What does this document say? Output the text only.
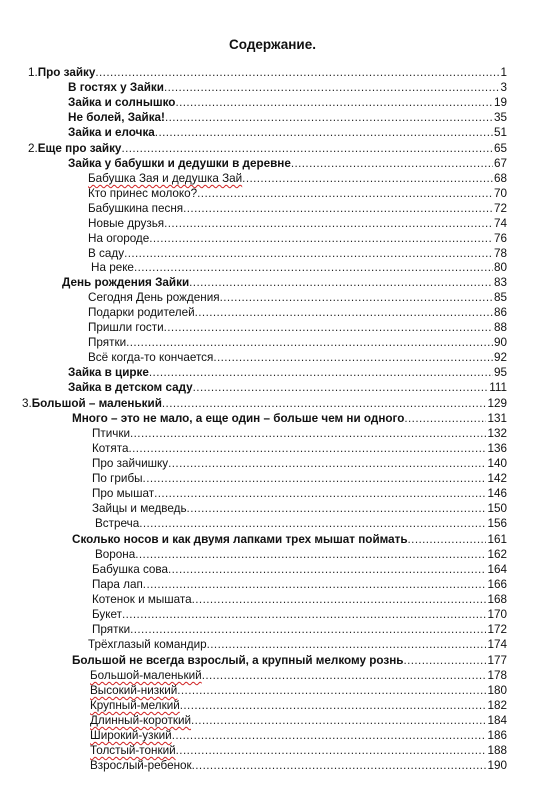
Содержание.
1. Про зайку .....	1
В гостях у Зайки .....	3
Зайка и солнышко .....	19
Не болей, Зайка! .....	35
Зайка и елочка .....	51
2. Еще про зайку .....	65
Зайка у бабушки и дедушки в деревне .....	67
Бабушка Зая и дедушка Зай .....	68
Кто принес молоко? .....	70
Бабушкина песня .....	72
Новые друзья .....	74
На огороде .....	76
В саду .....	78
На реке .....	80
День рождения Зайки .....	83
Сегодня День рождения .....	85
Подарки родителей .....	86
Пришли гости .....	88
Прятки .....	90
Всё когда-то кончается .....	92
Зайка в цирке .....	95
Зайка в детском саду .....	111
3. Большой – маленький .....	129
Много – это не мало, а еще один – больше чем ни одного .....	131
Птички .....	132
Котята .....	136
Про зайчишку .....	140
По грибы .....	142
Про мышат .....	146
Зайцы и медведь .....	150
Встреча .....	156
Сколько носов и как двумя лапками трех мышат поймать .....	161
Ворона .....	162
Бабушка сова .....	164
Пара лап .....	166
Котенок и мышата .....	168
Букет .....	170
Прятки .....	172
Трёхглазый командир .....	174
Большой не всегда взрослый, а крупный мелкому рознь .....	177
Большой-маленький .....	178
Высокий-низкий .....	180
Крупный-мелкий .....	182
Длинный-короткий .....	184
Широкий-узкий .....	186
Толстый-тонкий .....	188
Взрослый-ребенок .....	190
